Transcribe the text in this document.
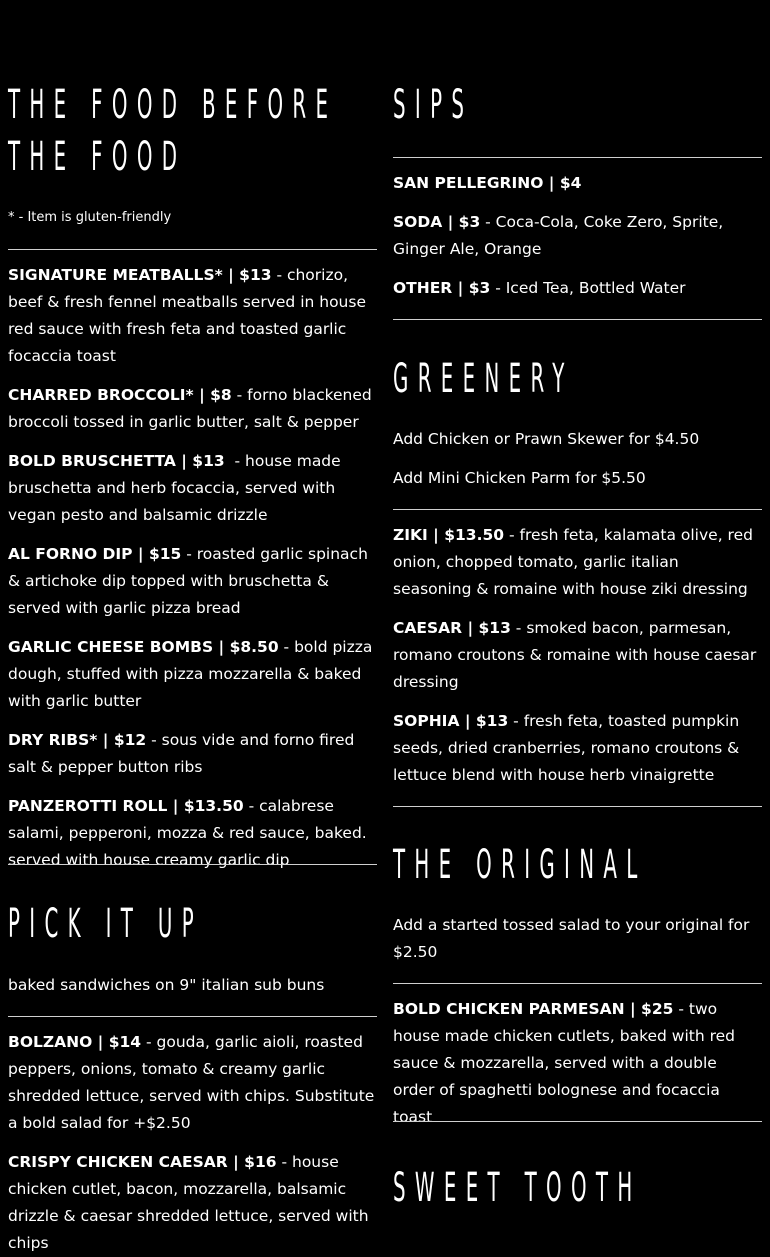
THE FOOD BEFORE THE FOOD
* - Item is gluten-friendly
SIGNATURE MEATBALLS* | $13 - chorizo, beef & fresh fennel meatballs served in house red sauce with fresh feta and toasted garlic focaccia toast
CHARRED BROCCOLI* | $8 - forno blackened broccoli tossed in garlic butter, salt & pepper
BOLD BRUSCHETTA | $13  - house made bruschetta and herb focaccia, served with vegan pesto and balsamic drizzle
AL FORNO DIP | $15 - roasted garlic spinach & artichoke dip topped with bruschetta & served with garlic pizza bread
GARLIC CHEESE BOMBS | $8.50 - bold pizza dough, stuffed with pizza mozzarella & baked with garlic butter
DRY RIBS* | $12 - sous vide and forno fired salt & pepper button ribs
PANZEROTTI ROLL | $13.50 - calabrese salami, pepperoni, mozza & red sauce, baked. served with house creamy garlic dip
PICK IT UP
baked sandwiches on 9" italian sub buns
BOLZANO | $14 - gouda, garlic aioli, roasted peppers, onions, tomato & creamy garlic shredded lettuce, served with chips. Substitute a bold salad for +$2.50
CRISPY CHICKEN CAESAR | $16 - house chicken cutlet, bacon, mozzarella, balsamic drizzle & caesar shredded lettuce, served with chips
SIPS
SAN PELLEGRINO | $4
SODA | $3 - Coca-Cola, Coke Zero, Sprite, Ginger Ale, Orange
OTHER | $3 - Iced Tea, Bottled Water
GREENERY
Add Chicken or Prawn Skewer for $4.50
Add Mini Chicken Parm for $5.50
ZIKI | $13.50 - fresh feta, kalamata olive, red onion, chopped tomato, garlic italian seasoning & romaine with house ziki dressing
CAESAR | $13 - smoked bacon, parmesan, romano croutons & romaine with house caesar dressing
SOPHIA | $13 - fresh feta, toasted pumpkin seeds, dried cranberries, romano croutons & lettuce blend with house herb vinaigrette
THE ORIGINAL
Add a started tossed salad to your original for $2.50
BOLD CHICKEN PARMESAN | $25 - two house made chicken cutlets, baked with red sauce & mozzarella, served with a double order of spaghetti bolognese and focaccia toast
SWEET TOOTH
